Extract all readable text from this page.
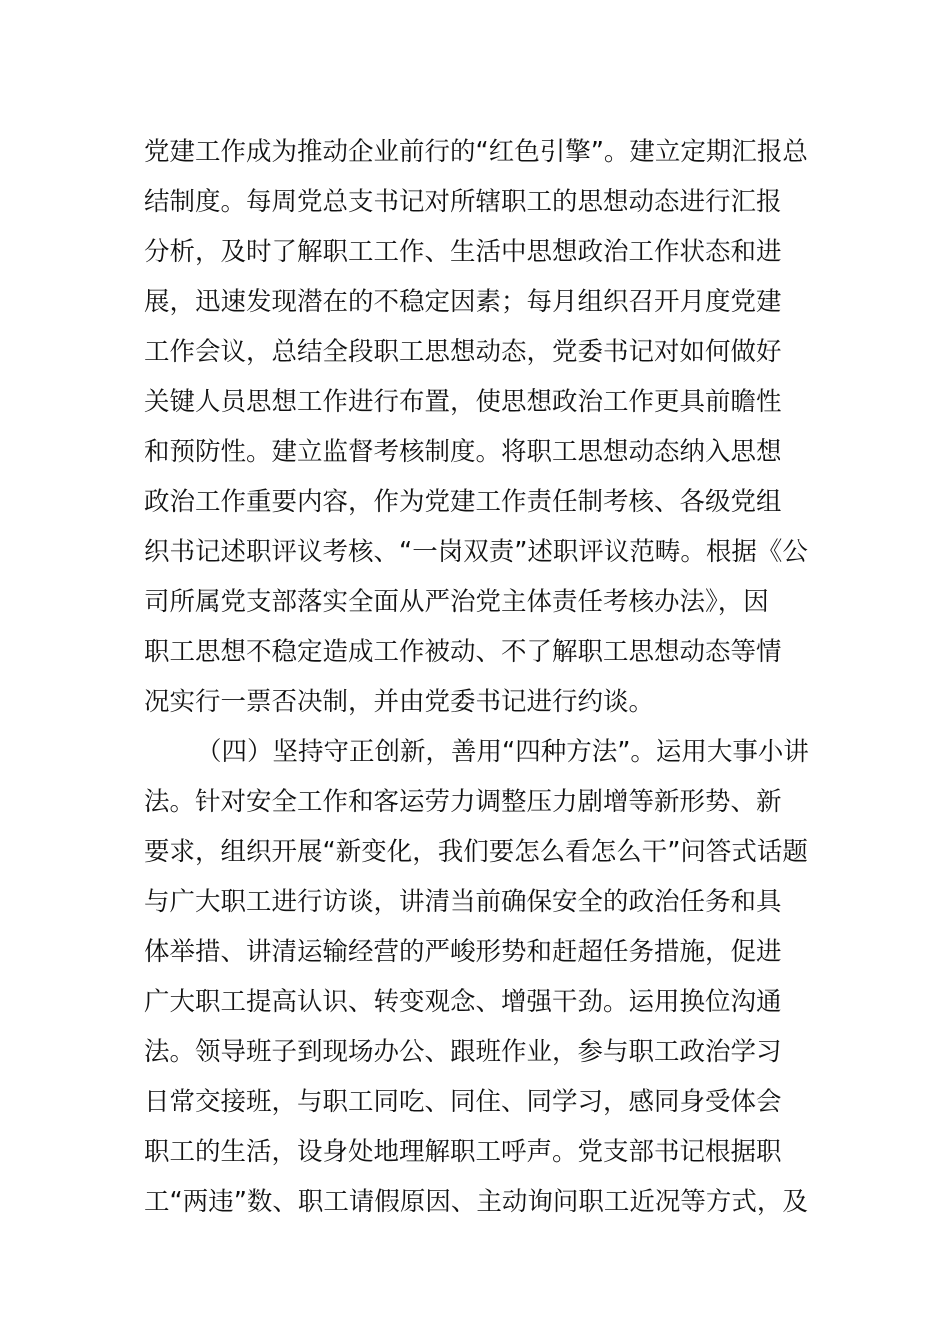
党建工作成为推动企业前行的“红色引擎”。建立定期汇报总
结制度。每周党总支书记对所辖职工的思想动态进行汇报
分析，及时了解职工工作、生活中思想政治工作状态和进
展，迅速发现潜在的不稳定因素；每月组织召开月度党建
工作会议，总结全段职工思想动态，党委书记对如何做好
关键人员思想工作进行布置，使思想政治工作更具前瞻性
和预防性。建立监督考核制度。将职工思想动态纳入思想
政治工作重要内容，作为党建工作责任制考核、各级党组
织书记述职评议考核、“一岗双责”述职评议范畴。根据《公
司所属党支部落实全面从严治党主体责任考核办法》，因
职工思想不稳定造成工作被动、不了解职工思想动态等情
况实行一票否决制，并由党委书记进行约谈。
（四）坚持守正创新，善用“四种方法”。运用大事小讲
法。针对安全工作和客运劳力调整压力剧增等新形势、新
要求，组织开展“新变化，我们要怎么看怎么干”问答式话题
与广大职工进行访谈，讲清当前确保安全的政治任务和具
体举措、讲清运输经营的严峻形势和赶超任务措施，促进
广大职工提高认识、转变观念、增强干劲。运用换位沟通
法。领导班子到现场办公、跟班作业，参与职工政治学习
日常交接班，与职工同吃、同住、同学习，感同身受体会
职工的生活，设身处地理解职工呼声。党支部书记根据职
工“两违”数、职工请假原因、主动询问职工近况等方式，及
